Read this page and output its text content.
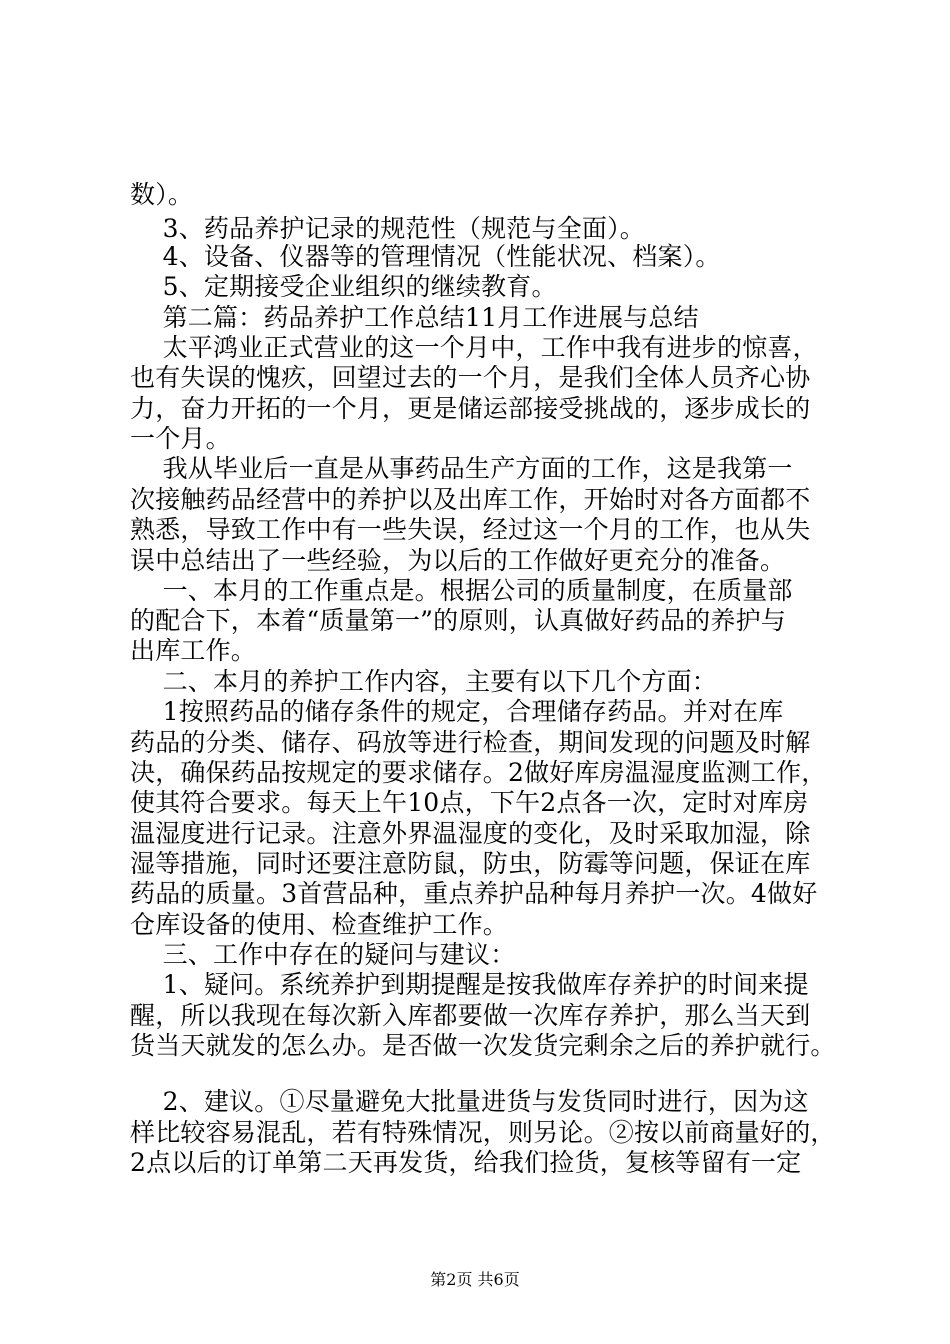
数）。
3、药品养护记录的规范性（规范与全面）。
4、设备、仪器等的管理情况（性能状况、档案）。
5、定期接受企业组织的继续教育。
第二篇：药品养护工作总结11月工作进展与总结
太平鸿业正式营业的这一个月中，工作中我有进步的惊喜，
也有失误的愧疚，回望过去的一个月，是我们全体人员齐心协
力，奋力开拓的一个月，更是储运部接受挑战的，逐步成长的
一个月。
我从毕业后一直是从事药品生产方面的工作，这是我第一
次接触药品经营中的养护以及出库工作，开始时对各方面都不
熟悉，导致工作中有一些失误，经过这一个月的工作，也从失
误中总结出了一些经验，为以后的工作做好更充分的准备。
一、本月的工作重点是。根据公司的质量制度，在质量部
的配合下，本着“质量第一”的原则，认真做好药品的养护与
出库工作。
二、本月的养护工作内容，主要有以下几个方面：
1按照药品的储存条件的规定，合理储存药品。并对在库
药品的分类、储存、码放等进行检查，期间发现的问题及时解
决，确保药品按规定的要求储存。2做好库房温湿度监测工作，
使其符合要求。每天上午10点，下午2点各一次，定时对库房
温湿度进行记录。注意外界温湿度的变化，及时采取加湿，除
湿等措施，同时还要注意防鼠，防虫，防霉等问题，保证在库
药品的质量。3首营品种，重点养护品种每月养护一次。4做好
仓库设备的使用、检查维护工作。
三、工作中存在的疑问与建议：
1、疑问。系统养护到期提醒是按我做库存养护的时间来提
醒，所以我现在每次新入库都要做一次库存养护，那么当天到
货当天就发的怎么办。是否做一次发货完剩余之后的养护就行。
2、建议。①尽量避免大批量进货与发货同时进行，因为这
样比较容易混乱，若有特殊情况，则另论。②按以前商量好的，
2点以后的订单第二天再发货，给我们捡货，复核等留有一定
第2页 共6页
